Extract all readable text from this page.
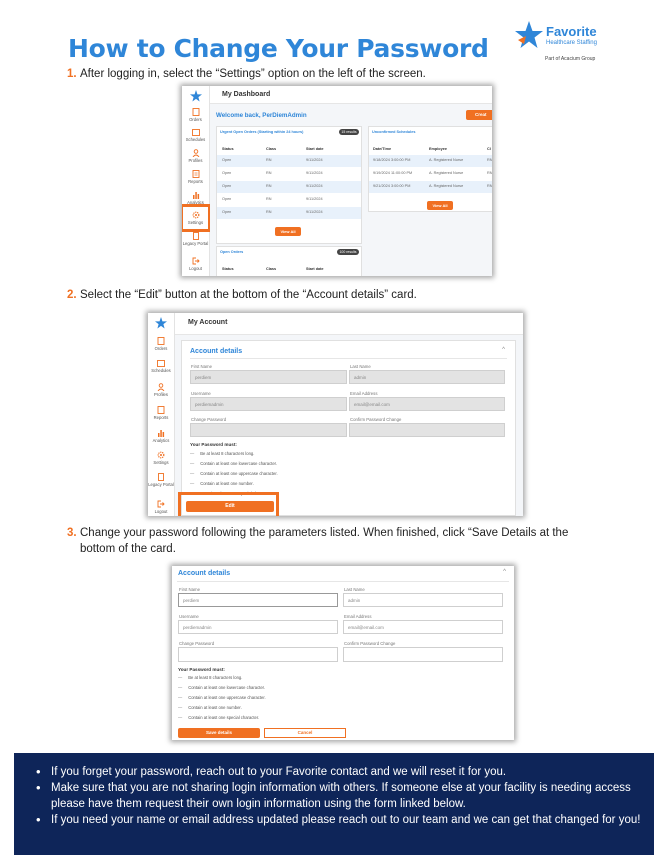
How to Change Your Password
Favorite
Healthcare Staffing
Part of Acacium Group
1. After logging in, select the “Settings” option on the left of the screen.
Orders
Schedules
Profiles
Reports
Analytics
Settings
Legacy Portal
Logout
My Dashboard
Welcome back, PerDiemAdmin	Creat
Urgent Open Orders (Starting within 24 hours)	15 results
Status	Class	Start date
Open	RN	9/11/2024
Open	RN	9/11/2024
Open	RN	9/11/2024
Open	RN	9/11/2024
Open	RN	9/11/2024
View All
Unconfirmed Schedules
Date/Time	Employee	Cl
9/18/2024 3:00:00 PM	A. Registered Nurse	RN
9/19/2024 11:00:00 PM	A. Registered Nurse	RN
9/21/2024 3:00:00 PM	A. Registered Nurse	RN
View All
Open Orders	100 results
Status	Class	Start date
2. Select the “Edit” button at the bottom of the “Account details” card.
Orders
Schedules
Profiles
Reports
Analytics
Settings
Legacy Portal
Logout
My Account
Account details	^
First Name
perdiem
Last Name
admin
Username
perdiemadmin
Email Address
email@email.com
Change Password	Confirm Password Change
Your Password must:
— Be at least 8 characters long.
— Contain at least one lowercase character.
— Contain at least one uppercase character.
— Contain at least one number.
— Contain at least one special character.
Edit
3. Change your password following the parameters listed. When finished, click “Save Details at the bottom of the card.
Account details	^
First Name
perdiem
Last Name
admin
Username
perdiemadmin
Email Address
email@email.com
Change Password	Confirm Password Change
Your Password must:
— Be at least 8 characters long.
— Contain at least one lowercase character.
— Contain at least one uppercase character.
— Contain at least one number.
— Contain at least one special character.
Save details	Cancel
• If you forget your password, reach out to your Favorite contact and we will reset it for you.
• Make sure that you are not sharing login information with others. If someone else at your facility is needing access please have them request their own login information using the form linked below.
• If you need your name or email address updated please reach out to our team and we can get that changed for you!
